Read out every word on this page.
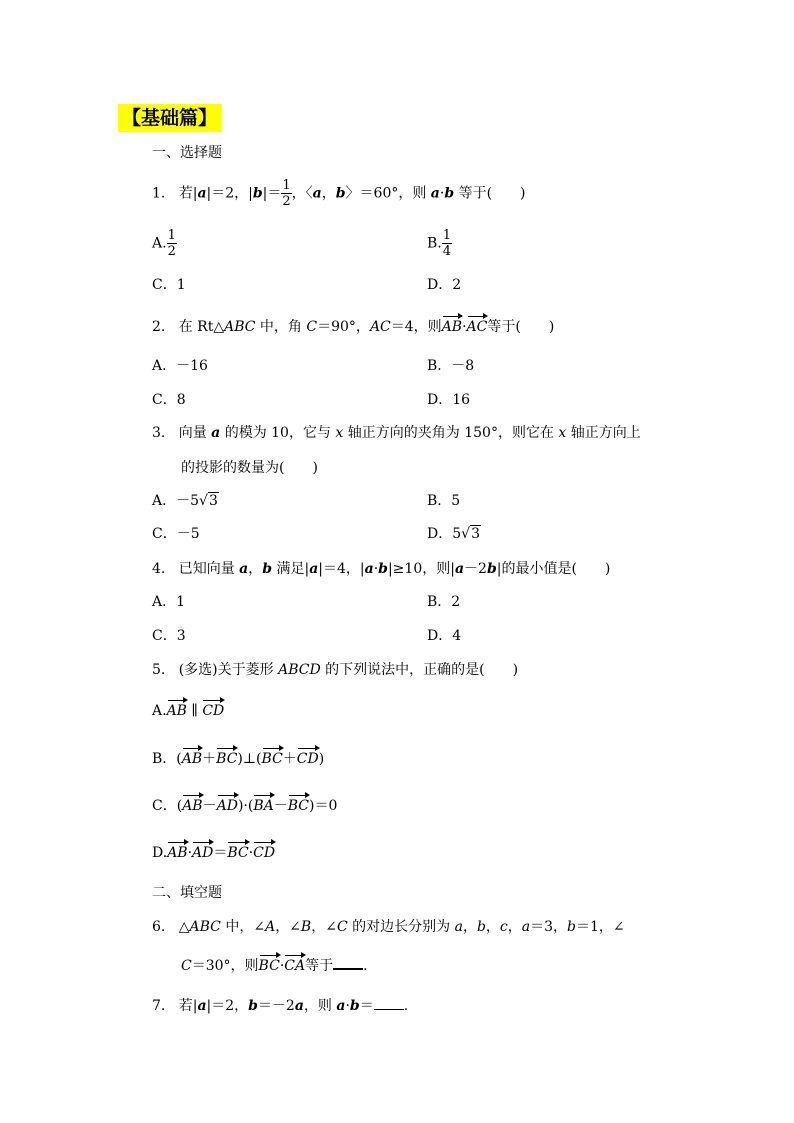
【基础篇】
一、选择题
1. 若|a|＝2，$|b|= \frac{1}{2}$ ，〈a，b〉＝60°，则 a·b 等于(　　)
A. $\frac{1}{2}$	B. $\frac{1}{4}$
C．1	D．2
2. 在 Rt△ABC 中，角 C＝90°，AC＝4，则AB·AC等于(　　)
A．－16	B．－8
C．8	D．16
3. 向量 a 的模为 10，它与 x 轴正方向的夹角为 150°，则它在 x 轴正方向上
的投影的数量为(　　)
A．－5√3	B．5
C．－5	D．5√3
4. 已知向量 a，b 满足|a|＝4，|a·b|≥10，则|a－2b|的最小值是(　　)
A．1	B．2
C．3	D．4
5. (多选)关于菱形 ABCD 的下列说法中，正确的是(　　)
A.AB ∥ CD
B．(AB＋BC)⊥(BC＋CD)
C．(AB－AD)·(BA－BC)＝0
D.AB·AD＝BC·CD
二、填空题
6. △ABC 中，∠A，∠B，∠C 的对边长分别为 a，b，c，a＝3，b＝1，∠
C＝30°，则BC·CA等于 .
7. 若|a|＝2，b＝－2a，则 a·b＝ .
